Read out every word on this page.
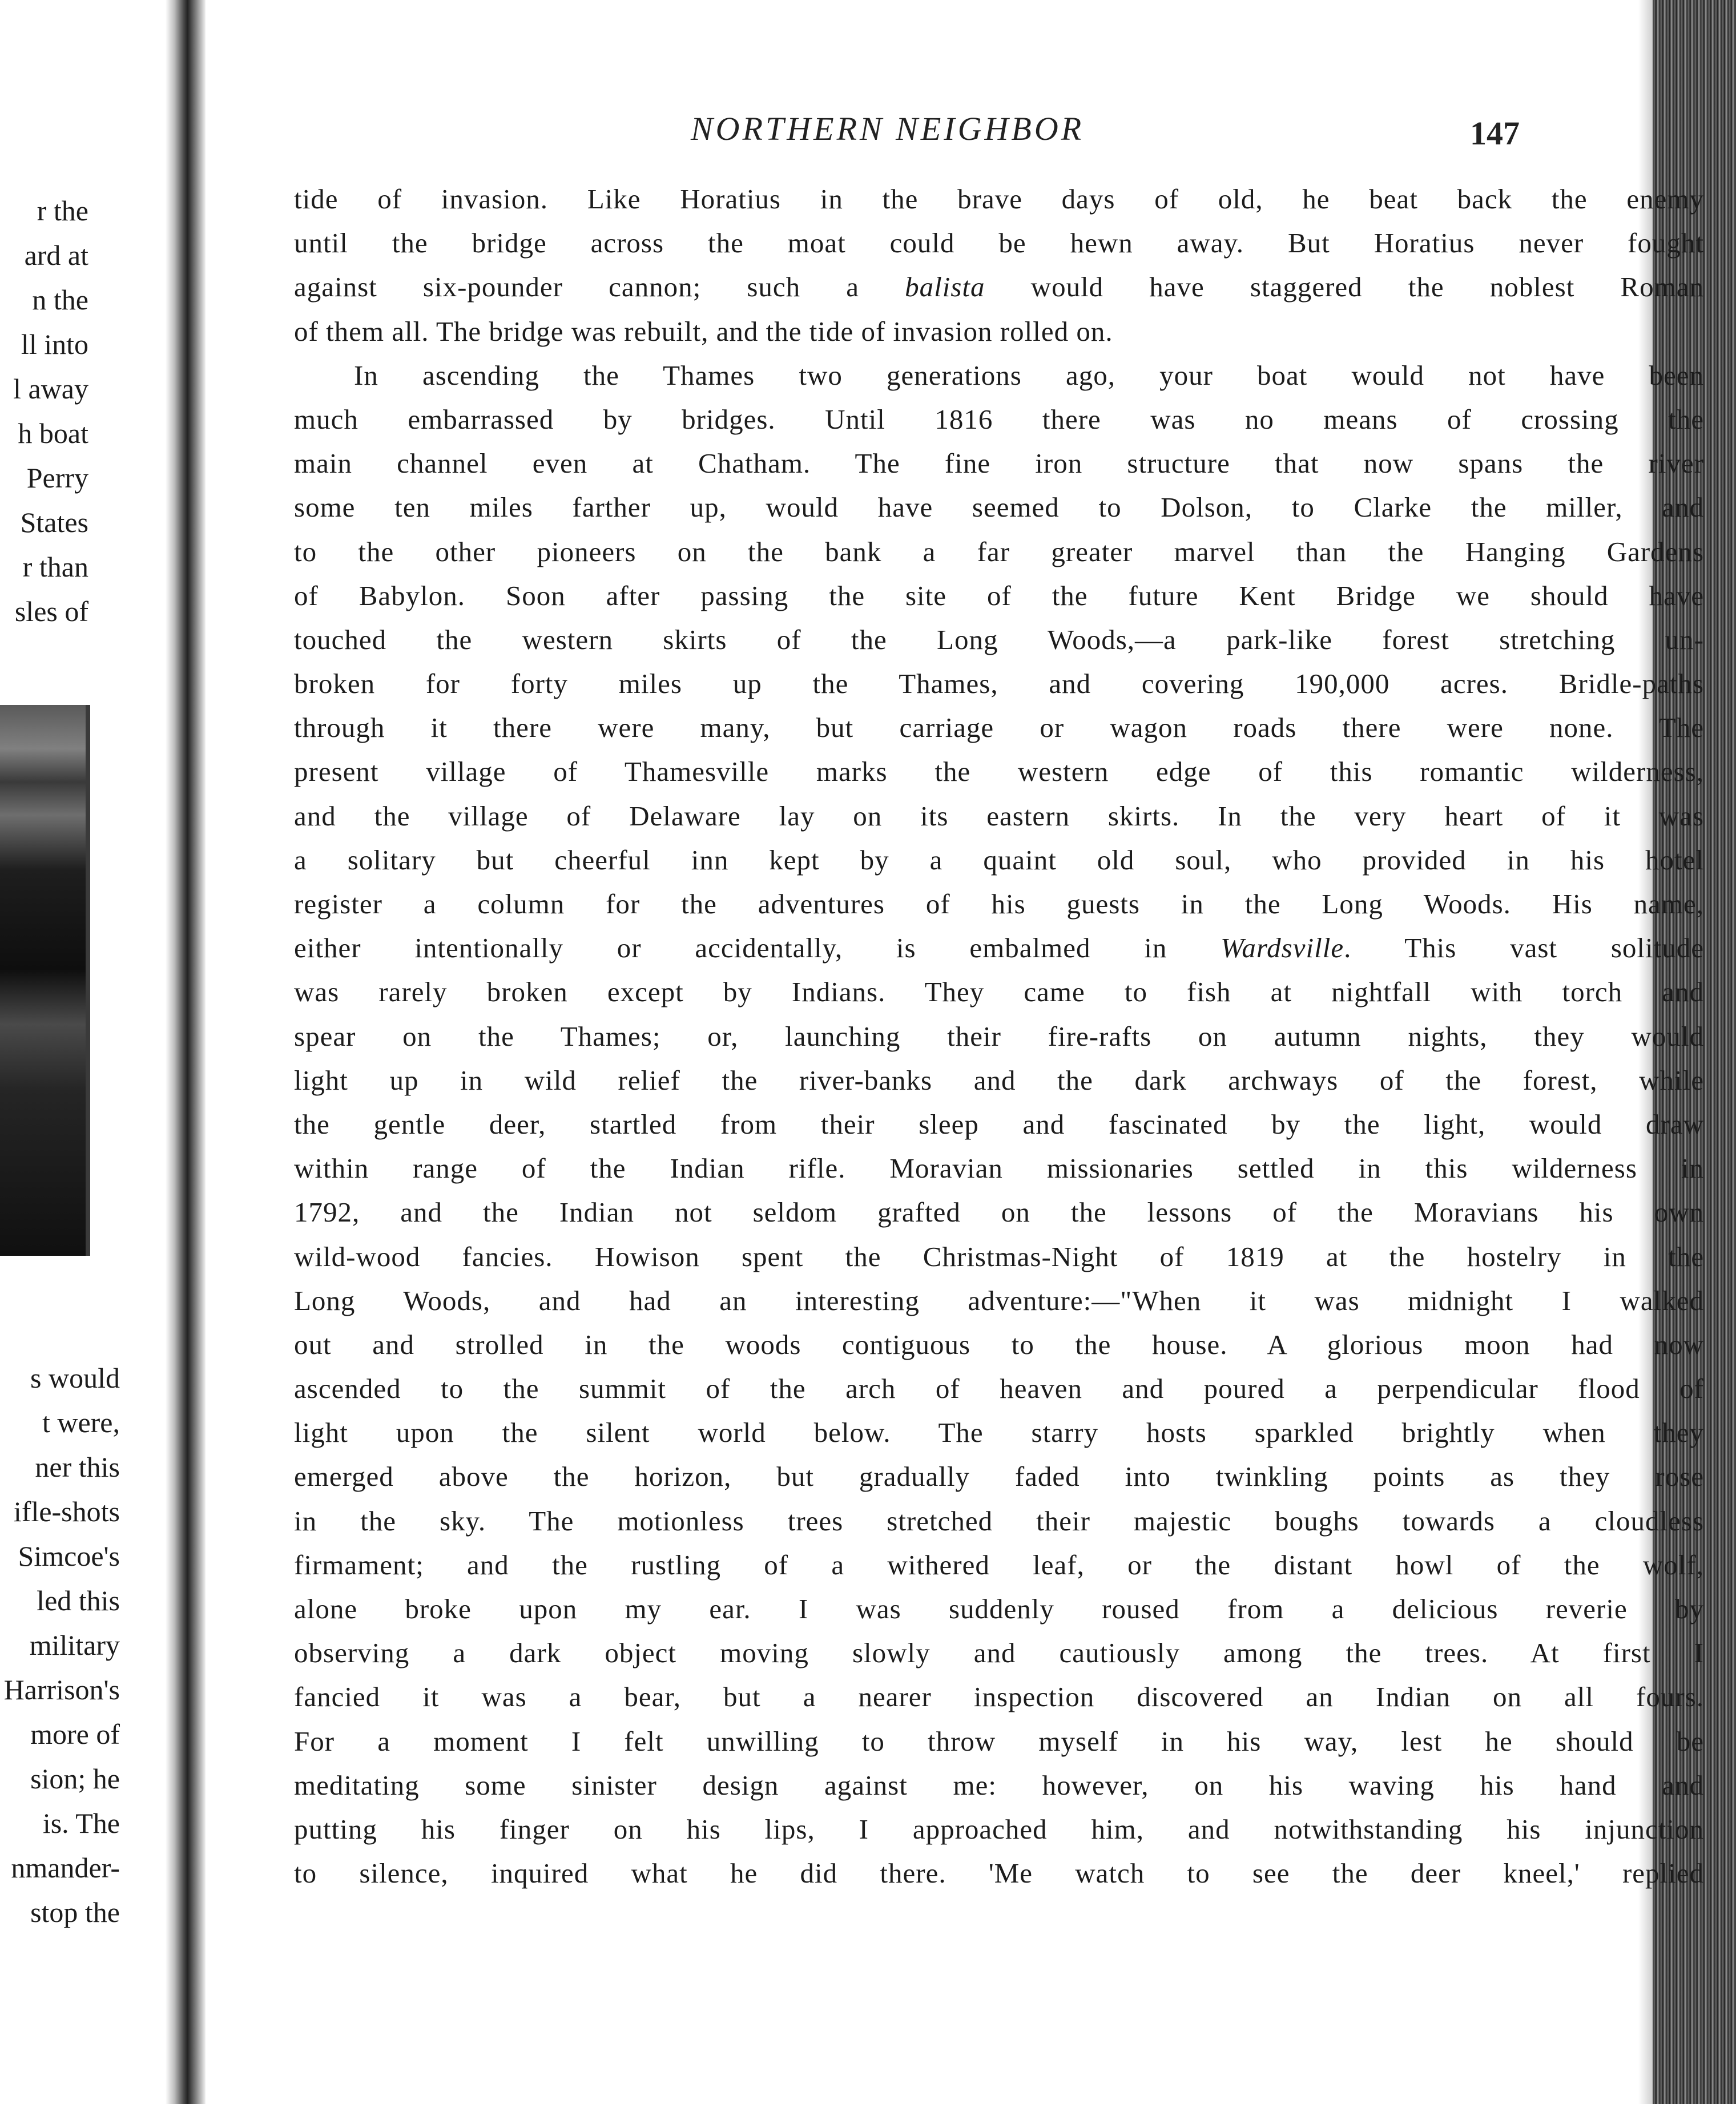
r the
ard at
n the
ll into
l away
h boat
Perry
States
r than
sles of
s would
t were,
ner this
ifle-shots
Simcoe's
led this
military
Harrison's
more of
sion; he
is. The
nmander-
stop the
NORTHERN NEIGHBOR	147
tide of invasion. Like Horatius in the brave days of old, he beat back the enemy
until the bridge across the moat could be hewn away. But Horatius never fought
against six-pounder cannon; such a balista would have staggered the noblest Roman
of them all. The bridge was rebuilt, and the tide of invasion rolled on.
In ascending the Thames two generations ago, your boat would not have been
much embarrassed by bridges. Until 1816 there was no means of crossing the
main channel even at Chatham. The fine iron structure that now spans the river
some ten miles farther up, would have seemed to Dolson, to Clarke the miller, and
to the other pioneers on the bank a far greater marvel than the Hanging Gardens
of Babylon. Soon after passing the site of the future Kent Bridge we should have
touched the western skirts of the Long Woods,—a park-like forest stretching un-
broken for forty miles up the Thames, and covering 190,000 acres. Bridle-paths
through it there were many, but carriage or wagon roads there were none. The
present village of Thamesville marks the western edge of this romantic wilderness,
and the village of Delaware lay on its eastern skirts. In the very heart of it was
a solitary but cheerful inn kept by a quaint old soul, who provided in his hotel
register a column for the adventures of his guests in the Long Woods. His name,
either intentionally or accidentally, is embalmed in Wardsville. This vast solitude
was rarely broken except by Indians. They came to fish at nightfall with torch and
spear on the Thames; or, launching their fire-rafts on autumn nights, they would
light up in wild relief the river-banks and the dark archways of the forest, while
the gentle deer, startled from their sleep and fascinated by the light, would draw
within range of the Indian rifle. Moravian missionaries settled in this wilderness in
1792, and the Indian not seldom grafted on the lessons of the Moravians his own
wild-wood fancies. Howison spent the Christmas-Night of 1819 at the hostelry in the
Long Woods, and had an interesting adventure:—"When it was midnight I walked
out and strolled in the woods contiguous to the house. A glorious moon had now
ascended to the summit of the arch of heaven and poured a perpendicular flood of
light upon the silent world below. The starry hosts sparkled brightly when they
emerged above the horizon, but gradually faded into twinkling points as they rose
in the sky. The motionless trees stretched their majestic boughs towards a cloudless
firmament; and the rustling of a withered leaf, or the distant howl of the wolf,
alone broke upon my ear. I was suddenly roused from a delicious reverie by
observing a dark object moving slowly and cautiously among the trees. At first I
fancied it was a bear, but a nearer inspection discovered an Indian on all fours.
For a moment I felt unwilling to throw myself in his way, lest he should be
meditating some sinister design against me: however, on his waving his hand and
putting his finger on his lips, I approached him, and notwithstanding his injunction
to silence, inquired what he did there. 'Me watch to see the deer kneel,' replied
